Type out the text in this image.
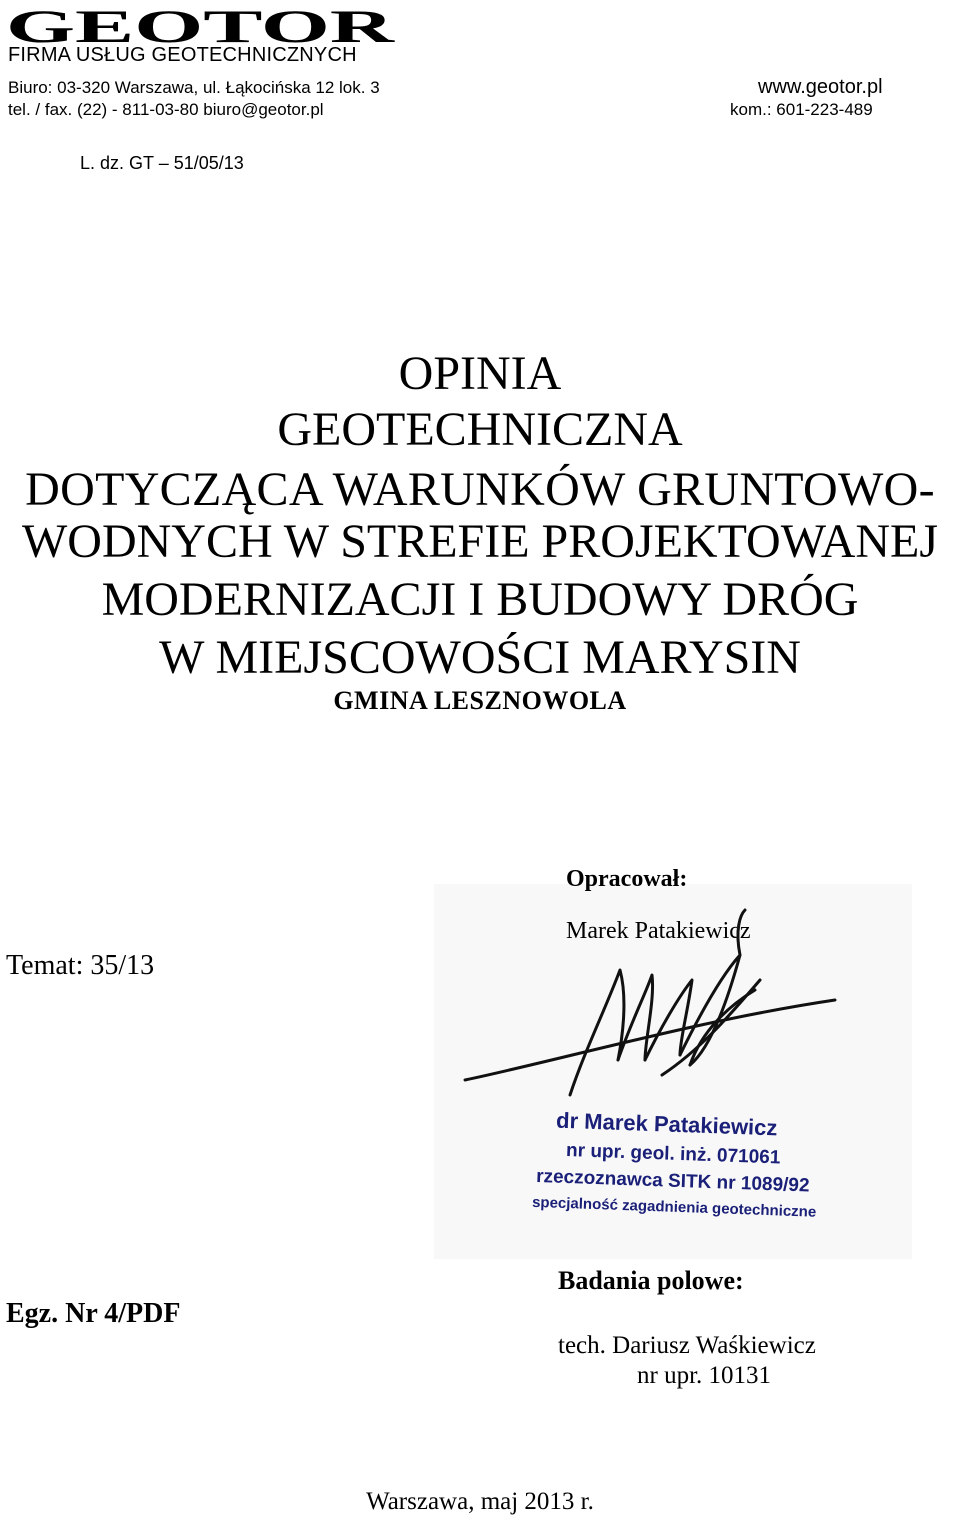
GEOTOR
FIRMA USŁUG GEOTECHNICZNYCH
Biuro: 03-320 Warszawa, ul. Łąkocińska 12 lok. 3
tel. / fax. (22) - 811-03-80 biuro@geotor.pl
www.geotor.pl
kom.: 601-223-489
L. dz. GT – 51/05/13
OPINIA
GEOTECHNICZNA
DOTYCZĄCA WARUNKÓW GRUNTOWO-
WODNYCH W STREFIE PROJEKTOWANEJ
MODERNIZACJI I BUDOWY DRÓG
W MIEJSCOWOŚCI MARYSIN
GMINA LESZNOWOLA
Temat: 35/13
Opracował:
Marek Patakiewicz
dr Marek Patakiewicz
nr upr. geol. inż. 071061
rzeczoznawca SITK nr 1089/92
specjalność zagadnienia geotechniczne
Egz. Nr 4/PDF
Badania polowe:
tech. Dariusz Waśkiewicz
nr upr. 10131
Warszawa, maj 2013 r.
